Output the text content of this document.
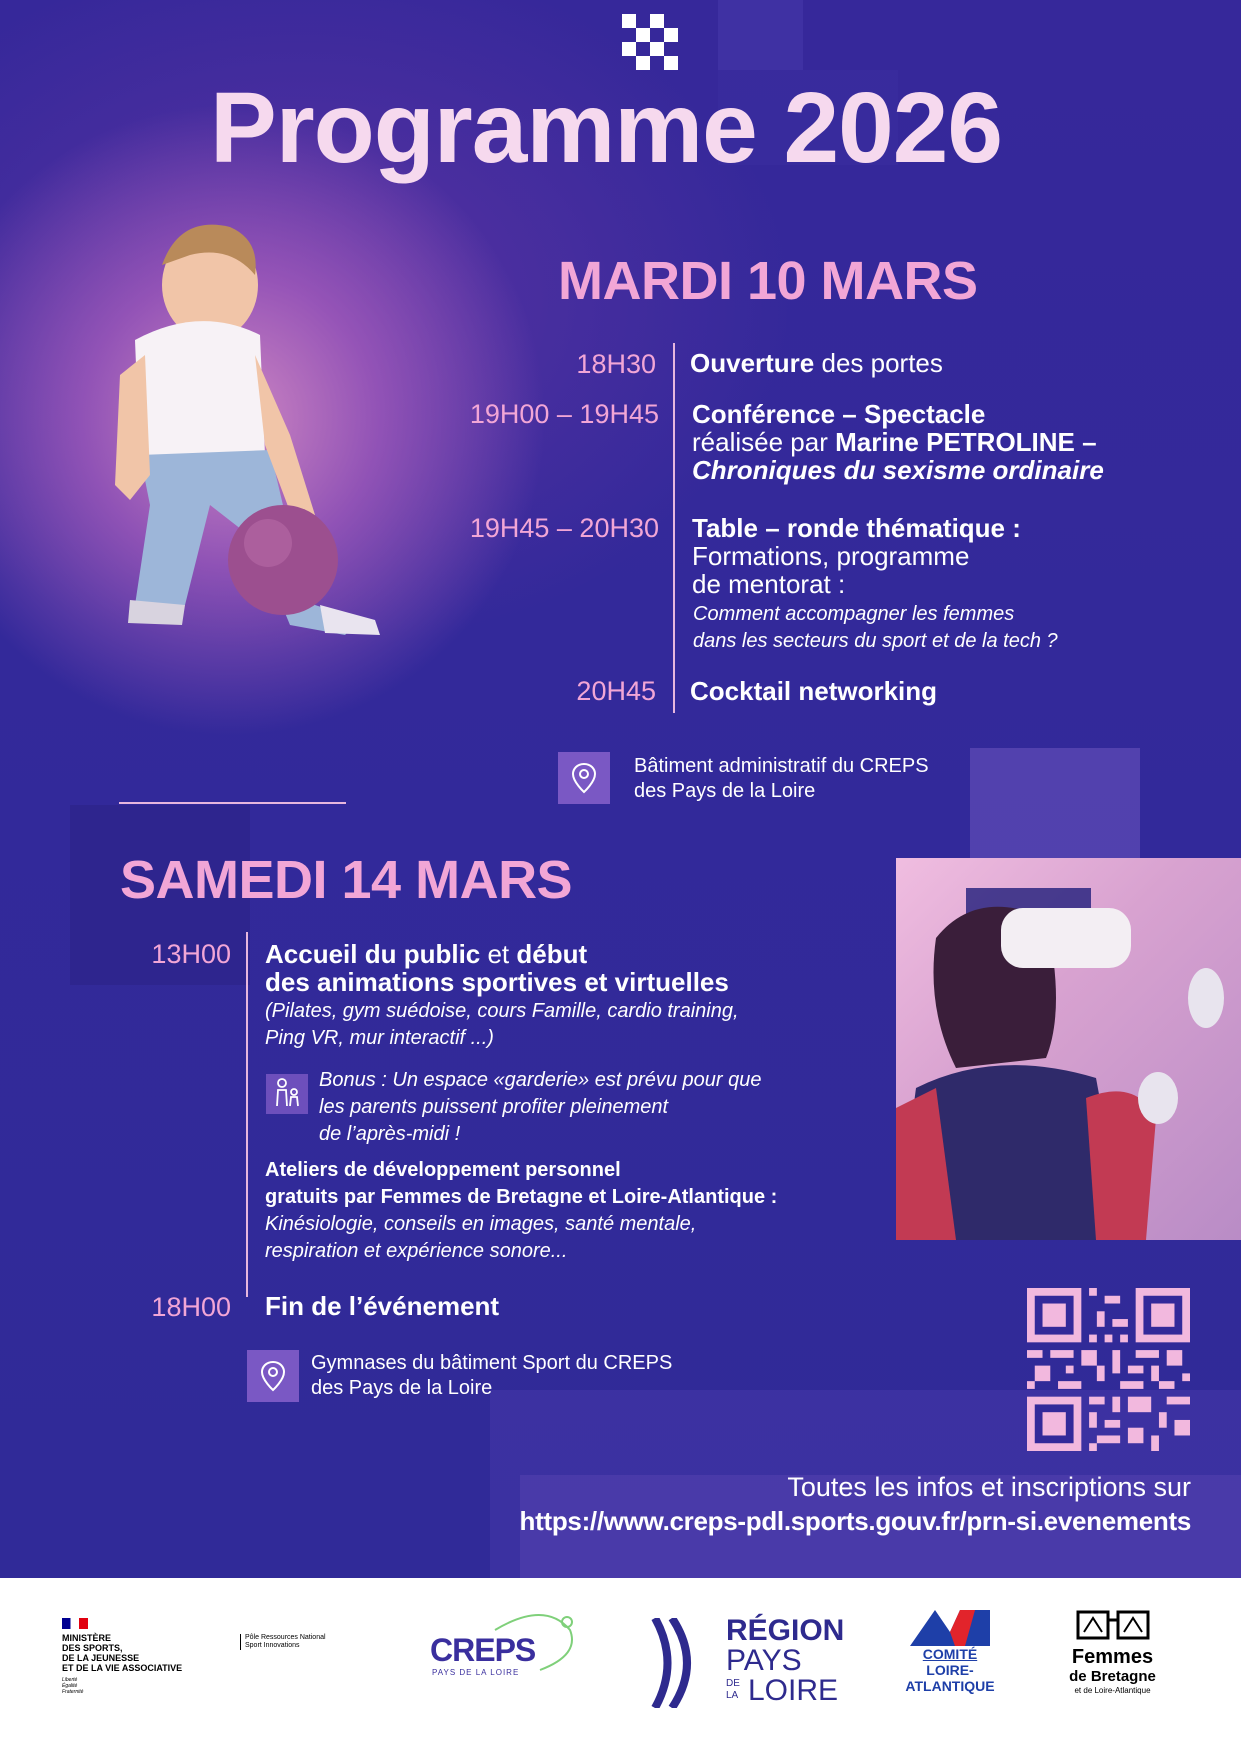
Programme 2026
MARDI 10 MARS
18H30 Ouverture des portes
19H00 – 19H45 Conférence – Spectacle
réalisée par Marine PETROLINE –
Chroniques du sexisme ordinaire
19H45 – 20H30 Table – ronde thématique :
Formations, programme
de mentorat :
Comment accompagner les femmes
dans les secteurs du sport et de la tech ?
20H45 Cocktail networking
Bâtiment administratif du CREPS
des Pays de la Loire
SAMEDI 14 MARS
13H00 Accueil du public et début
des animations sportives et virtuelles
(Pilates, gym suédoise, cours Famille, cardio training,
Ping VR, mur interactif ...)
Bonus : Un espace «garderie» est prévu pour que
les parents puissent profiter pleinement
de l’après-midi !
Ateliers de développement personnel
gratuits par Femmes de Bretagne et Loire-Atlantique :
Kinésiologie, conseils en images, santé mentale,
respiration et expérience sonore...
18H00 Fin de l’événement
Gymnases du bâtiment Sport du CREPS
des Pays de la Loire
Toutes les infos et inscriptions sur
https://www.creps-pdl.sports.gouv.fr/prn-si.evenements
MINISTÈRE
DES SPORTS,
DE LA JEUNESSE
ET DE LA VIE ASSOCIATIVE
Liberté
Égalité
Fraternité
Pôle Ressources National
Sport Innovations	CREPS
PAYS DE LA LOIRE
RÉGION
PAYS
DE
LA LOIRE
COMITÉ
LOIRE-
ATLANTIQUE
Femmes
de Bretagne
et de Loire-Atlantique
